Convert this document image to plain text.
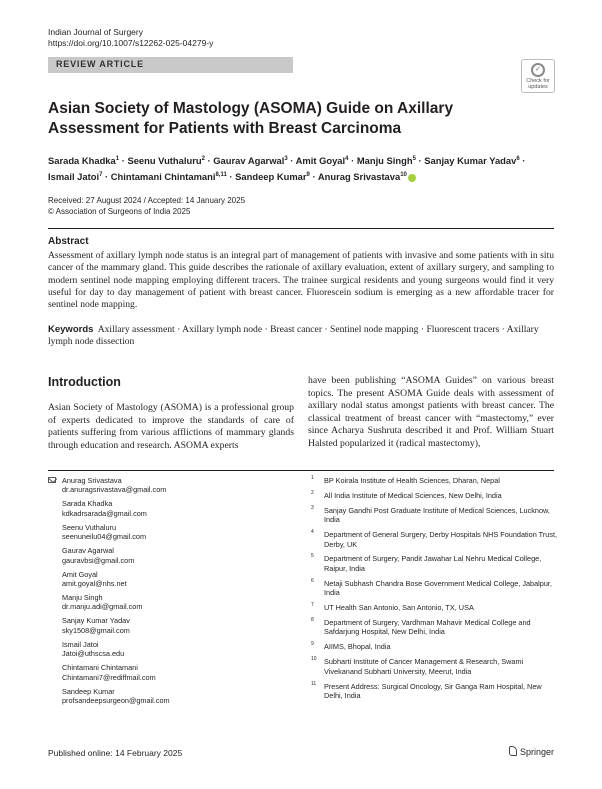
Indian Journal of Surgery
https://doi.org/10.1007/s12262-025-04279-y
REVIEW ARTICLE
✓
Check for updates
Asian Society of Mastology (ASOMA) Guide on Axillary Assessment for Patients with Breast Carcinoma
Sarada Khadka$^1$ · Seenu Vuthaluru$^2$ · Gaurav Agarwal$^3$ · Amit Goyal$^4$ · Manju Singh$^5$ · Sanjay Kumar Yadav$^6$ ·
Ismail Jatoi$^7$ · Chintamani Chintamani$^{8,11}$ · Sandeep Kumar$^9$ · Anurag Srivastava$^{10}$
Received: 27 August 2024 / Accepted: 14 January 2025
© Association of Surgeons of India 2025
Abstract
Assessment of axillary lymph node status is an integral part of management of patients with invasive and some patients with in situ cancer of the mammary gland. This guide describes the rationale of axillary evaluation, extent of axillary surgery, and sampling to modern sentinel node mapping employing different tracers. The trainee surgical residents and young surgeons would find it very useful for day to day management of patient with breast cancer. Fluorescein sodium is emerging as a new affordable tracer for sentinel node mapping.
Keywords Axillary assessment · Axillary lymph node · Breast cancer · Sentinel node mapping · Fluorescent tracers · Axillary lymph node dissection
Introduction
Asian Society of Mastology (ASOMA) is a professional group of experts dedicated to improve the standards of care of patients suffering from various afflictions of mammary glands through education and research. ASOMA experts
have been publishing “ASOMA Guides” on various breast topics. The present ASOMA Guide deals with assessment of axillary nodal status amongst patients with breast cancer. The classical treatment of breast cancer with “mastectomy,” ever since Acharya Sushruta described it and Prof. William Stuart Halsted popularized it (radical mastectomy),
Anurag Srivastava
dr.anuragsrivastava@gmail.com
Sarada Khadka
kdkadrsarada@gmail.com
Seenu Vuthaluru
seenuneilu04@gmail.com
Gaurav Agarwal
gauravbsi@gmail.com
Amit Goyal
amit.goyal@nhs.net
Manju Singh
dr.manju.adi@gmail.com
Sanjay Kumar Yadav
sky1508@gmail.com
Ismail Jatoi
Jatoi@uthscsa.edu
Chintamani Chintamani
Chintamani7@rediffmail.com
Sandeep Kumar
profsandeepsurgeon@gmail.com
1 BP Koirala Institute of Health Sciences, Dharan, Nepal
2 All India Institute of Medical Sciences, New Delhi, India
3 Sanjay Gandhi Post Graduate Institute of Medical Sciences, Lucknow, India
4 Department of General Surgery, Derby Hospitals NHS Foundation Trust, Derby, UK
5 Department of Surgery, Pandit Jawahar Lal Nehru Medical College, Raipur, India
6 Netaji Subhash Chandra Bose Government Medical College, Jabalpur, India
7 UT Health San Antonio, San Antonio, TX, USA
8 Department of Surgery, Vardhman Mahavir Medical College and Safdarjung Hospital, New Delhi, India
9 AIIMS, Bhopal, India
10 Subharti Institute of Cancer Management & Research, Swami Vivekanand Subharti University, Meerut, India
11 Present Address: Surgical Oncology, Sir Ganga Ram Hospital, New Delhi, India
Published online: 14 February 2025	Springer
